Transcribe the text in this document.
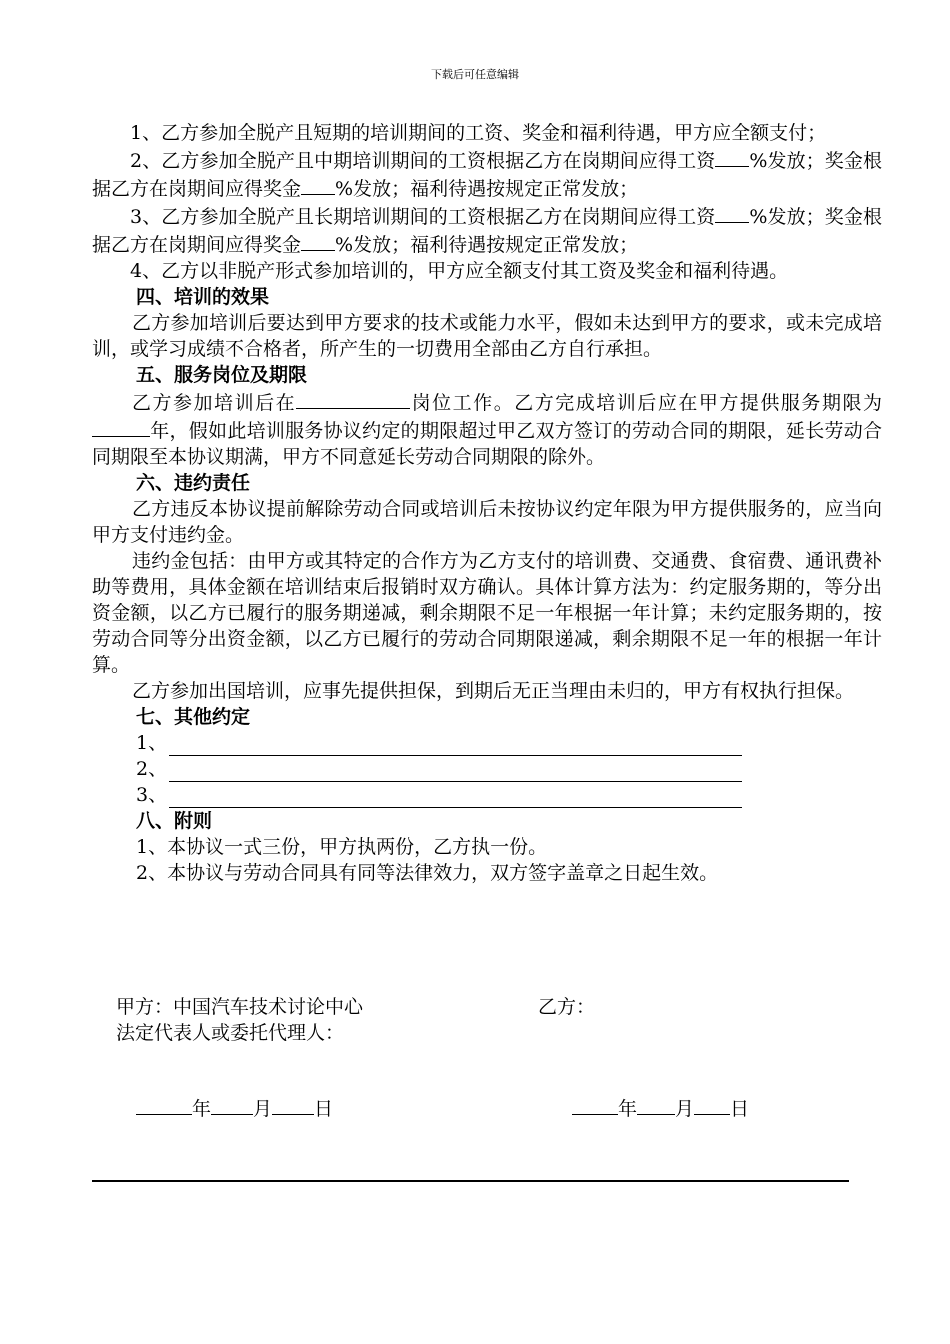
下载后可任意编辑

1、乙方参加全脱产且短期的培训期间的工资、奖金和福利待遇，甲方应全额支付；

2、乙方参加全脱产且中期培训期间的工资根据乙方在岗期间应得工资 %发放；奖金根据乙方在岗期间应得奖金 %发放；福利待遇按规定正常发放；

3、乙方参加全脱产且长期培训期间的工资根据乙方在岗期间应得工资 %发放；奖金根据乙方在岗期间应得奖金 %发放；福利待遇按规定正常发放；

4、乙方以非脱产形式参加培训的，甲方应全额支付其工资及奖金和福利待遇。

四、培训的效果

乙方参加培训后要达到甲方要求的技术或能力水平，假如未达到甲方的要求，或未完成培训，或学习成绩不合格者，所产生的一切费用全部由乙方自行承担。

五、服务岗位及期限

乙方参加培训后在	岗位工作。乙方完成培训后应在甲方提供服务期限为年，假如此培训服务协议约定的期限超过甲乙双方签订的劳动合同的期限，延长劳动合同期限至本协议期满，甲方不同意延长劳动合同期限的除外。

六、违约责任

乙方违反本协议提前解除劳动合同或培训后未按协议约定年限为甲方提供服务的，应当向甲方支付违约金。

违约金包括：由甲方或其特定的合作方为乙方支付的培训费、交通费、食宿费、通讯费补助等费用，具体金额在培训结束后报销时双方确认。具体计算方法为：约定服务期的，等分出资金额，以乙方已履行的服务期递减，剩余期限不足一年根据一年计算；未约定服务期的，按劳动合同等分出资金额，以乙方已履行的劳动合同期限递减，剩余期限不足一年的根据一年计算。

乙方参加出国培训，应事先提供担保，到期后无正当理由未归的，甲方有权执行担保。

七、其他约定

1、
2、
3、

八、附则

1、本协议一式三份，甲方执两份，乙方执一份。

2、本协议与劳动合同具有同等法律效力，双方签字盖章之日起生效。

甲方：中国汽车技术讨论中心	乙方：
法定代表人或委托代理人：
年 月 日	年 月 日
